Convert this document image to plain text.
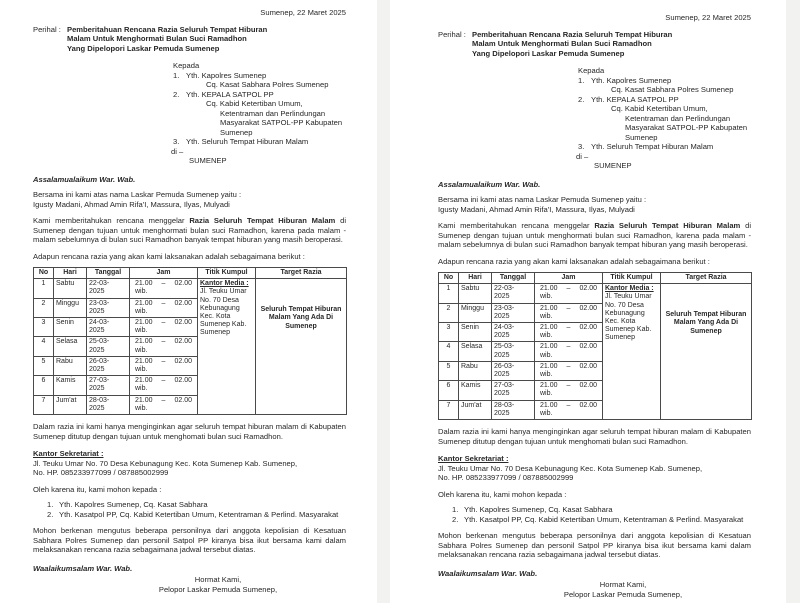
Sumenep, 22 Maret 2025
Perihal : Pemberitahuan Rencana Razia Seluruh Tempat Hiburan
Malam Untuk Menghormati Bulan Suci Ramadhon
Yang Dipelopori Laskar Pemuda Sumenep
Kepada
1. Yth. Kapolres Sumenep
Cq. Kasat Sabhara Polres Sumenep
2. Yth. KEPALA SATPOL PP
Cq. Kabid Ketertiban Umum,
Ketentraman dan Perlindungan
Masyarakat SATPOL-PP Kabupaten
Sumenep
3. Yth. Seluruh Tempat Hiburan Malam
di –
SUMENEP
Assalamualaikum War. Wab.
Bersama ini kami atas nama Laskar Pemuda Sumenep yaitu :
Igusty Madani, Ahmad Amin Rifa'I, Massura, Ilyas, Mulyadi

Kami memberitahukan rencana menggelar Razia Seluruh Tempat Hiburan Malam di Sumenep dengan tujuan untuk menghormati bulan suci Ramadhon, karena pada malam -malam sebelumnya di bulan suci Ramadhon banyak tempat hiburan yang masih beroperasi.

Adapun rencana razia yang akan kami laksanakan adalah sebagaimana berikut :

No	Hari	Tanggal	Jam	Titik Kumpul	Target Razia
1	Sabtu	22-03-
2025

21.00 – 02.00
wib.

Kantor Media :
Jl. Teuku Umar No. 70 Desa Kebunagung Kec. Kota Sumenep Kab. Sumenep
	Seluruh Tempat Hiburan Malam Yang Ada Di Sumenep
2	Minggu	23-03-
2025

21.00 – 02.00
wib.

3	Senin	24-03-
2025

21.00 – 02.00
wib.

4	Selasa	25-03-
2025

21.00 – 02.00
wib.

5	Rabu	26-03-
2025

21.00 – 02.00
wib.

6	Kamis	27-03-
2025

21.00 – 02.00
wib.

7	Jum'at	28-03-
2025

21.00 – 02.00
wib.

Dalam razia ini kami hanya menginginkan agar seluruh tempat hiburan malam di Kabupaten Sumenep ditutup dengan tujuan untuk menghomati bulan suci Ramadhon.

Kantor Sekretariat :
Jl. Teuku Umar No. 70 Desa Kebunagung Kec. Kota Sumenep Kab. Sumenep,
No. HP. 085233977099 / 087885002999

Oleh karena itu, kami mohon kepada :

1. Yth. Kapolres Sumenep, Cq. Kasat Sabhara
2. Yth. Kasatpol PP, Cq. Kabid Ketertiban Umum, Ketentraman & Perlind. Masyarakat

Mohon berkenan mengutus beberapa personilnya dari anggota kepolisian di Kesatuan Sabhara Polres Sumenep dan personil Satpol PP kiranya bisa ikut bersama kami dalam melaksanakan rencana razia sebagaimana jadwal tersebut diatas.

Waalaikumsalam War. Wab.
Hormat Kami,
Pelopor Laskar Pemuda Sumenep,
Sumenep, 22 Maret 2025
Perihal : Pemberitahuan Rencana Razia Seluruh Tempat Hiburan
Malam Untuk Menghormati Bulan Suci Ramadhon
Yang Dipelopori Laskar Pemuda Sumenep
Kepada
1. Yth. Kapolres Sumenep
Cq. Kasat Sabhara Polres Sumenep
2. Yth. KEPALA SATPOL PP
Cq. Kabid Ketertiban Umum,
Ketentraman dan Perlindungan
Masyarakat SATPOL-PP Kabupaten
Sumenep
3. Yth. Seluruh Tempat Hiburan Malam
di –
SUMENEP
Assalamualaikum War. Wab.
Bersama ini kami atas nama Laskar Pemuda Sumenep yaitu :
Igusty Madani, Ahmad Amin Rifa'I, Massura, Ilyas, Mulyadi

Kami memberitahukan rencana menggelar Razia Seluruh Tempat Hiburan Malam di Sumenep dengan tujuan untuk menghormati bulan suci Ramadhon, karena pada malam -malam sebelumnya di bulan suci Ramadhon banyak tempat hiburan yang masih beroperasi.

Adapun rencana razia yang akan kami laksanakan adalah sebagaimana berikut :

No	Hari	Tanggal	Jam	Titik Kumpul	Target Razia
1	Sabtu	22-03-
2025

21.00 – 02.00
wib.

Kantor Media :
Jl. Teuku Umar No. 70 Desa Kebunagung Kec. Kota Sumenep Kab. Sumenep
	Seluruh Tempat Hiburan Malam Yang Ada Di Sumenep
2	Minggu	23-03-
2025

21.00 – 02.00
wib.

3	Senin	24-03-
2025

21.00 – 02.00
wib.

4	Selasa	25-03-
2025

21.00 – 02.00
wib.

5	Rabu	26-03-
2025

21.00 – 02.00
wib.

6	Kamis	27-03-
2025

21.00 – 02.00
wib.

7	Jum'at	28-03-
2025

21.00 – 02.00
wib.

Dalam razia ini kami hanya menginginkan agar seluruh tempat hiburan malam di Kabupaten Sumenep ditutup dengan tujuan untuk menghomati bulan suci Ramadhon.

Kantor Sekretariat :
Jl. Teuku Umar No. 70 Desa Kebunagung Kec. Kota Sumenep Kab. Sumenep,
No. HP. 085233977099 / 087885002999

Oleh karena itu, kami mohon kepada :

1. Yth. Kapolres Sumenep, Cq. Kasat Sabhara
2. Yth. Kasatpol PP, Cq. Kabid Ketertiban Umum, Ketentraman & Perlind. Masyarakat

Mohon berkenan mengutus beberapa personilnya dari anggota kepolisian di Kesatuan Sabhara Polres Sumenep dan personil Satpol PP kiranya bisa ikut bersama kami dalam melaksanakan rencana razia sebagaimana jadwal tersebut diatas.

Waalaikumsalam War. Wab.
Hormat Kami,
Pelopor Laskar Pemuda Sumenep,
